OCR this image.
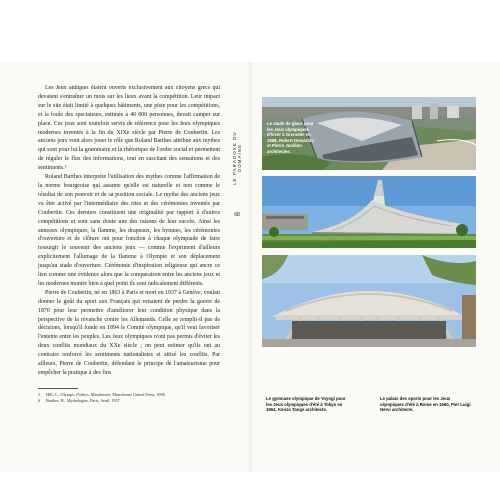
Les Jeux antiques étaient ouverts exclusivement aux citoyens grecs qui devaient s'entraîner un mois sur les lieux avant la compétition. Leur impact sur le site était limité à quelques bâtiments, une piste pour les compétitions, et la foule des spectateurs, estimée à 40 000 personnes, devait camper sur place. Ces jeux sont toutefois servis de référence pour les Jeux olympiques modernes inventés à la fin du XIXe siècle par Pierre de Coubertin. Les anciens jeux vont alors jouer le rôle que Roland Barthes attribue aux mythes qui sont pour lui la grammaire et la rhétorique de l'ordre social et permettent de réguler le flux des informations, tout en suscitant des sensations et des sentiments.⁵

Roland Barthes interprète l'utilisation des mythes comme l'affirmation de la norme bourgeoise qui assume qu'elle est naturelle et non comme le résultat de son pouvoir et de sa position sociale. Le mythe des anciens jeux va être activé par l'intermédiaire des rites et des cérémonies inventés par Coubertin. Ces derniers constituent une originalité par rapport à d'autres compétitions et sont sans doute une des raisons de leur succès. Ainsi les anneaux olympiques, la flamme, les drapeaux, les hymnes, les cérémonies d'ouverture et de clôture ont pour fonction à chaque olympiade de faire ressurgir le souvenir des anciens jeux — comme l'expriment d'ailleurs explicitement l'allumage de la flamme à Olympie et son déplacement jusqu'au stade d'ouverture. Cérémonie d'inspiration religieuse qui ancre ce lien comme une évidence alors que la comparaison entre les anciens jeux et les modernes montre bien à quel point ils sont radicalement différents.

Pierre de Coubertin, né en 1863 à Paris et mort en 1937 à Genève, voulait donner le goût du sport aux Français qui venaient de perdre la guerre de 1870 pour leur permettre d'améliorer leur condition physique dans la perspective de la revanche contre les Allemands. Celle se remplit-il pas de décisions, lorsqu'il fonde en 1894 le Comité olympique, qu'il veut favoriser l'entente entre les peuples. Les Jeux olympiques n'ont pas permis d'éviter les deux conflits mondiaux du XXe siècle ; on peut estimer qu'ils ont au contraire renforcé les sentiments nationalistes et attisé les conflits. Par ailleurs, Pierre de Coubertin, défendant le principe de l'amateurisme pour empêcher la pratique à des fins

5	Hill, C., Olympic Politics, Manchester, Manchester United Press, 1996.
6	Barthes, R., Mythologies, Paris, Seuil, 1957.
LE PARADOXE DU DOMAINE
68
Le stade de glace pour les Jeux olympiques d'hiver à Grenoble en 1968, Robert Demartini et Pierre Junillon architectes.
Le gymnase olympique de Yoyogi pour les Jeux olympiques d'été à Tokyo en 1964, Kenzo Tange architecte.
Le palais des sports pour les Jeux olympiques d'été à Rome en 1960, Pier Luigi Nervi architecte.
